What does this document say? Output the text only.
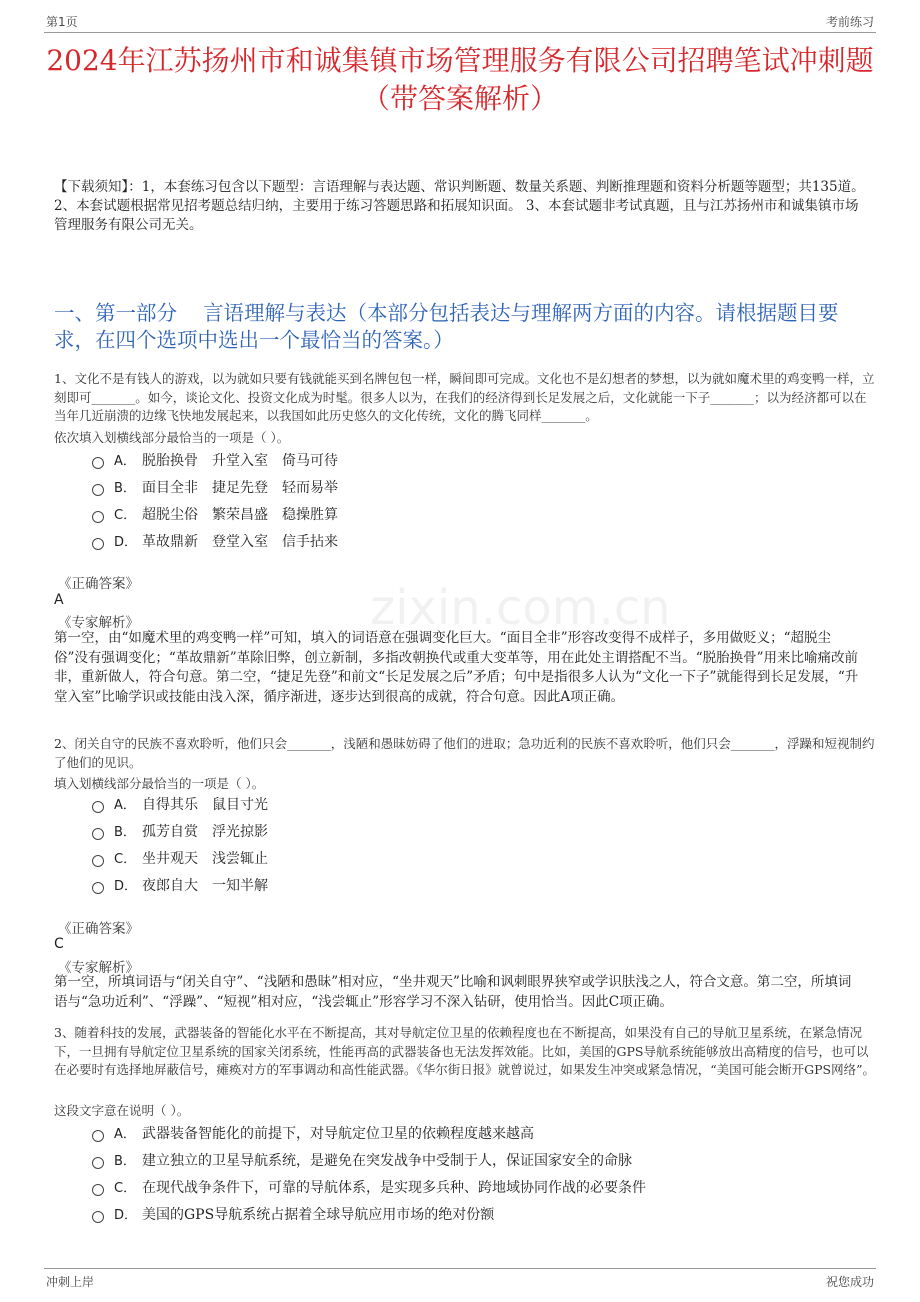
第1页	考前练习
2024年江苏扬州市和诚集镇市场管理服务有限公司招聘笔试冲刺题（带答案解析）
【下载须知】：1，本套练习包含以下题型：言语理解与表达题、常识判断题、数量关系题、判断推理题和资料分析题等题型；共135道。 2、本套试题根据常见招考题总结归纳，主要用于练习答题思路和拓展知识面。 3、本套试题非考试真题，且与江苏扬州市和诚集镇市场管理服务有限公司无关。
一、第一部分 言语理解与表达（本部分包括表达与理解两方面的内容。请根据题目要求，在四个选项中选出一个最恰当的答案。）
zixin.com.cn
1、文化不是有钱人的游戏，以为就如只要有钱就能买到名牌包包一样，瞬间即可完成。文化也不是幻想者的梦想，以为就如魔术里的鸡变鸭一样，立刻即可_______。如今，谈论文化、投资文化成为时髦。很多人以为，在我们的经济得到长足发展之后，文化就能一下子_______；以为经济都可以在当年几近崩溃的边缘飞快地发展起来，以我国如此历史悠久的文化传统，文化的腾飞同样_______。
依次填入划横线部分最恰当的一项是（ ）。
A． 脱胎换骨　升堂入室　倚马可待
B． 面目全非　捷足先登　轻而易举
C． 超脱尘俗　繁荣昌盛　稳操胜算
D． 革故鼎新　登堂入室　信手拈来
《正确答案》
A
《专家解析》
第一空，由“如魔术里的鸡变鸭一样”可知，填入的词语意在强调变化巨大。“面目全非”形容改变得不成样子，多用做贬义；“超脱尘俗”没有强调变化；“革故鼎新”革除旧弊，创立新制，多指改朝换代或重大变革等，用在此处主谓搭配不当。“脱胎换骨”用来比喻痛改前非，重新做人，符合句意。第二空，“捷足先登”和前文“长足发展之后”矛盾；句中是指很多人认为“文化一下子”就能得到长足发展，“升堂入室”比喻学识或技能由浅入深，循序渐进，逐步达到很高的成就，符合句意。因此A项正确。
2、闭关自守的民族不喜欢聆听，他们只会_______，浅陋和愚昧妨碍了他们的进取；急功近利的民族不喜欢聆听，他们只会_______，浮躁和短视制约了他们的见识。
填入划横线部分最恰当的一项是（ ）。
A． 自得其乐　鼠目寸光
B． 孤芳自赏　浮光掠影
C． 坐井观天　浅尝辄止
D． 夜郎自大　一知半解
《正确答案》
C
《专家解析》
第一空，所填词语与“闭关自守”、“浅陋和愚昧”相对应，“坐井观天”比喻和讽刺眼界狭窄或学识肤浅之人，符合文意。第二空，所填词语与“急功近利”、“浮躁”、“短视”相对应，“浅尝辄止”形容学习不深入钻研，使用恰当。因此C项正确。
3、随着科技的发展，武器装备的智能化水平在不断提高，其对导航定位卫星的依赖程度也在不断提高，如果没有自己的导航卫星系统，在紧急情况下，一旦拥有导航定位卫星系统的国家关闭系统，性能再高的武器装备也无法发挥效能。比如，美国的GPS导航系统能够放出高精度的信号，也可以在必要时有选择地屏蔽信号，瘫痪对方的军事调动和高性能武器。《华尔街日报》就曾说过，如果发生冲突或紧急情况，“美国可能会断开GPS网络”。
这段文字意在说明（ ）。
A． 武器装备智能化的前提下，对导航定位卫星的依赖程度越来越高
B． 建立独立的卫星导航系统，是避免在突发战争中受制于人，保证国家安全的命脉
C． 在现代战争条件下，可靠的导航体系，是实现多兵种、跨地域协同作战的必要条件
D． 美国的GPS导航系统占据着全球导航应用市场的绝对份额
冲刺上岸	祝您成功
